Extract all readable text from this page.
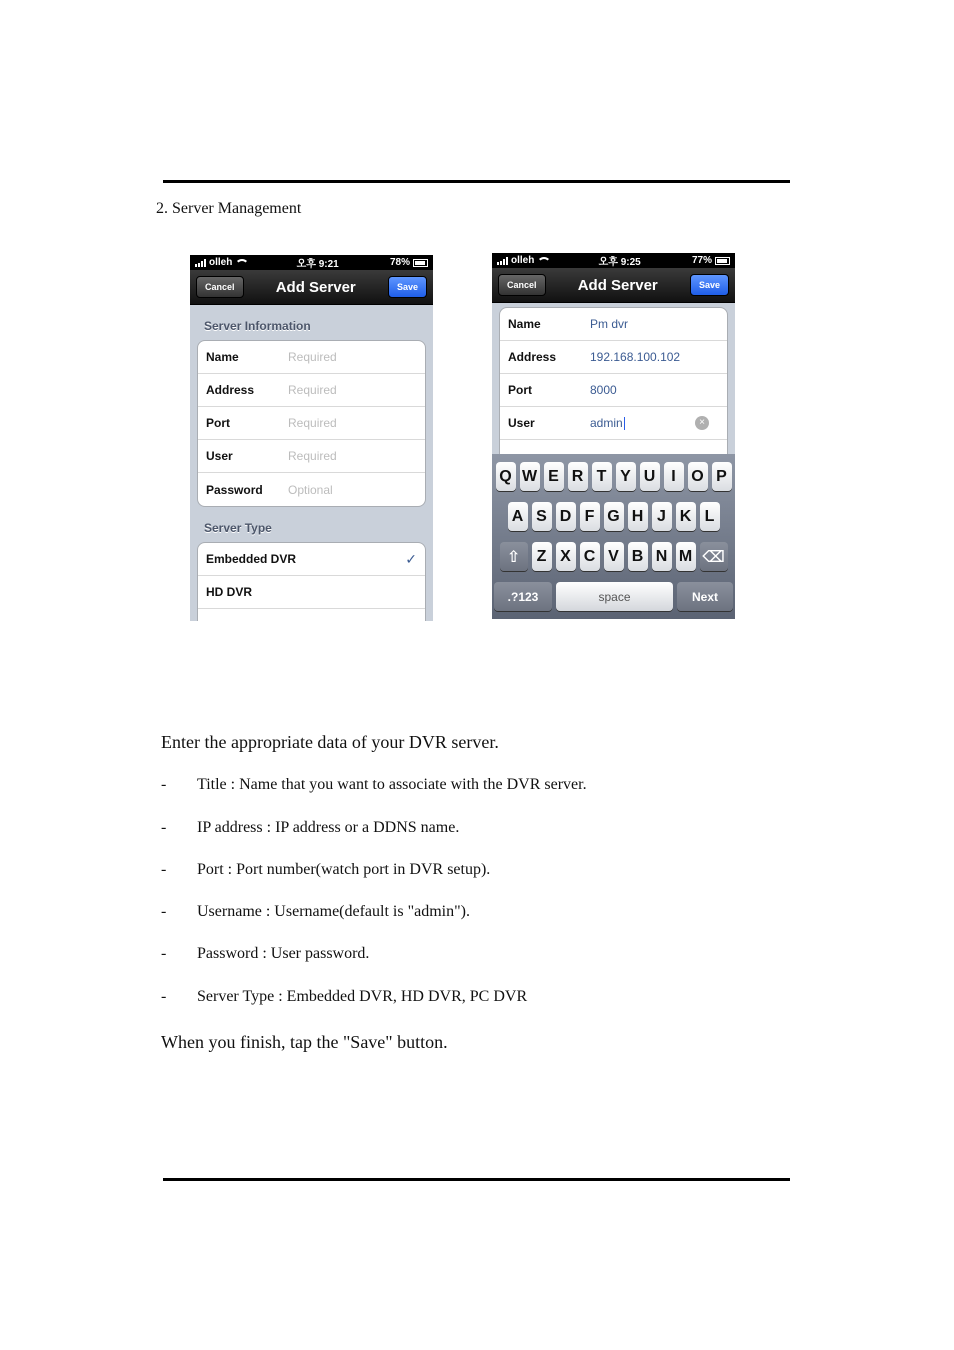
2. Server Management
olleh	오후 9:21	78%
Cancel	Add Server	Save
Server Information
Name	Required
Address	Required
Port	Required
User	Required
Password	Optional
Server Type
Embedded DVR	✓
HD DVR
olleh	오후 9:25	77%
Cancel	Add Server	Save
Name	Pm dvr
Address	192.168.100.102
Port	8000
User	admin	×
Q W E R T Y U I O P
A S D F G H J K L
⇧	Z X C V B N M ⌫
.?123	space	Next
Enter the appropriate data of your DVR server.
- Title : Name that you want to associate with the DVR server.
- IP address : IP address or a DDNS name.
- Port : Port number(watch port in DVR setup).
- Username : Username(default is "admin").
- Password : User password.
- Server Type : Embedded DVR, HD DVR, PC DVR
When you finish, tap the "Save" button.
